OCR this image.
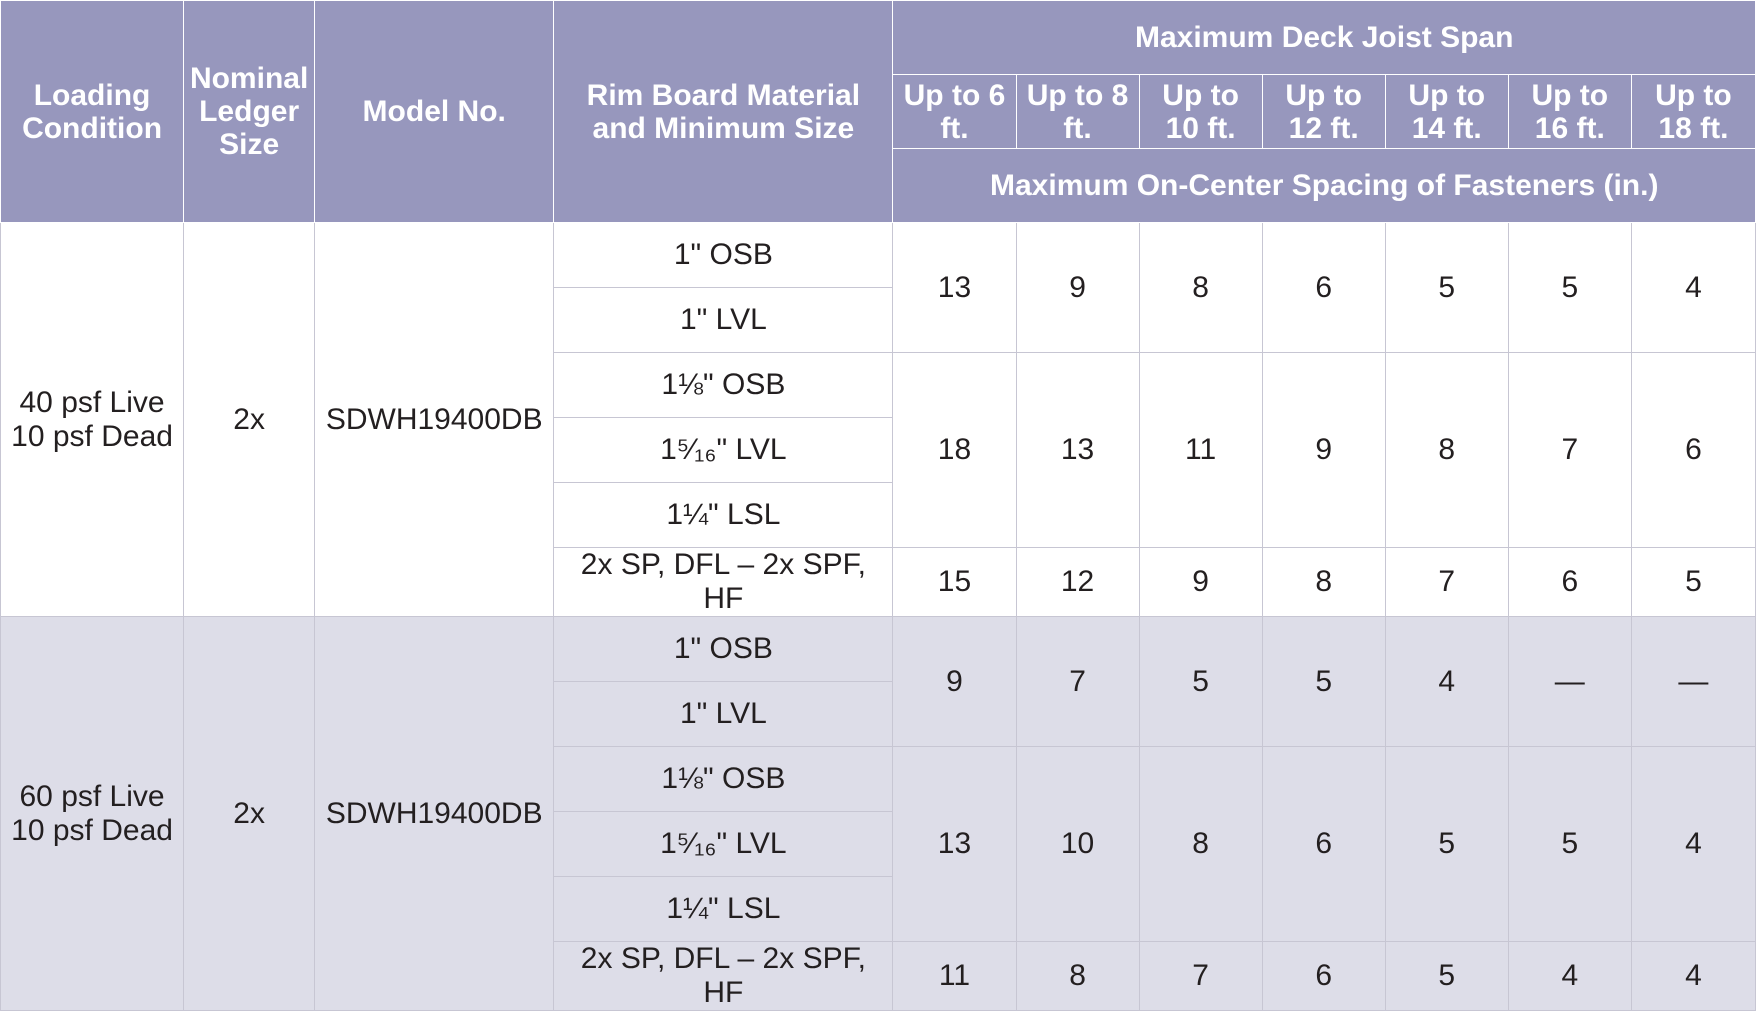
Loading Condition	Nominal Ledger Size	Model No.	Rim Board Material and Minimum Size	Maximum Deck Joist Span						
				Up to 6 ft.	Up to 8 ft.	Up to 10 ft.	Up to 12 ft.	Up to 14 ft.	Up to 16 ft.	Up to 18 ft.
				Maximum On-Center Spacing of Fasteners (in.)						
40 psf Live 10 psf Dead	2x	SDWH19400DB	1" OSB	13	9	8	6	5	5	4
			1" LVL							
			1⅛" OSB	18	13	11	9	8	7	6
			1⁵⁄₁₆" LVL							
			1¼" LSL							
			2x SP, DFL – 2x SPF, HF	15	12	9	8	7	6	5
60 psf Live 10 psf Dead	2x	SDWH19400DB	1" OSB	9	7	5	5	4	—	—
			1" LVL							
			1⅛" OSB	13	10	8	6	5	5	4
			1⁵⁄₁₆" LVL							
			1¼" LSL							
			2x SP, DFL – 2x SPF, HF	11	8	7	6	5	4	4
